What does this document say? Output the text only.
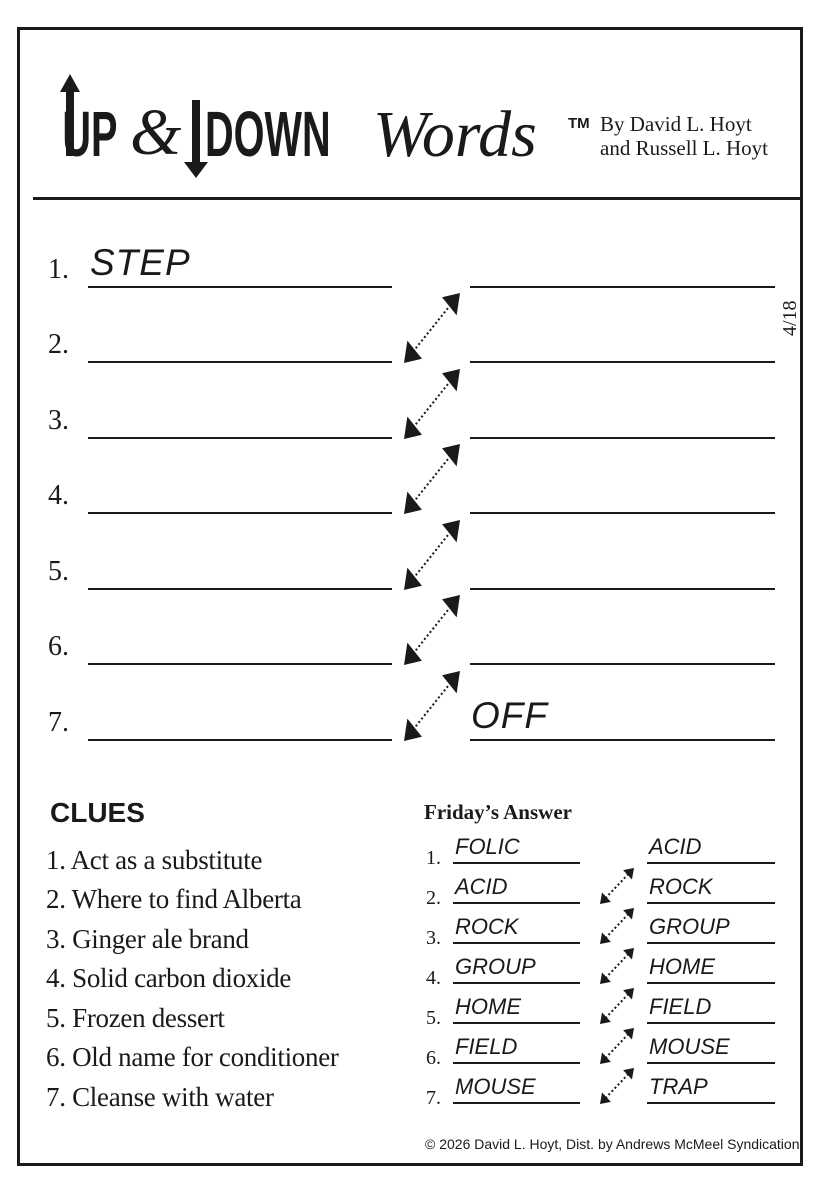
UP & DOWN Words TM By David L. Hoyt
and Russell L. Hoyt
4/18
1. STEP
2.
3.
4.
5.
6.
7.	OFF
CLUES
1. Act as a substitute
2. Where to find Alberta
3. Ginger ale brand
4. Solid carbon dioxide
5. Frozen dessert
6. Old name for conditioner
7. Cleanse with water
Friday’s Answer
1. FOLIC	ACID
2. ACID	ROCK
3. ROCK	GROUP
4. GROUP	HOME
5. HOME	FIELD
6. FIELD	MOUSE
7. MOUSE	TRAP
© 2026 David L. Hoyt, Dist. by Andrews McMeel Syndication
